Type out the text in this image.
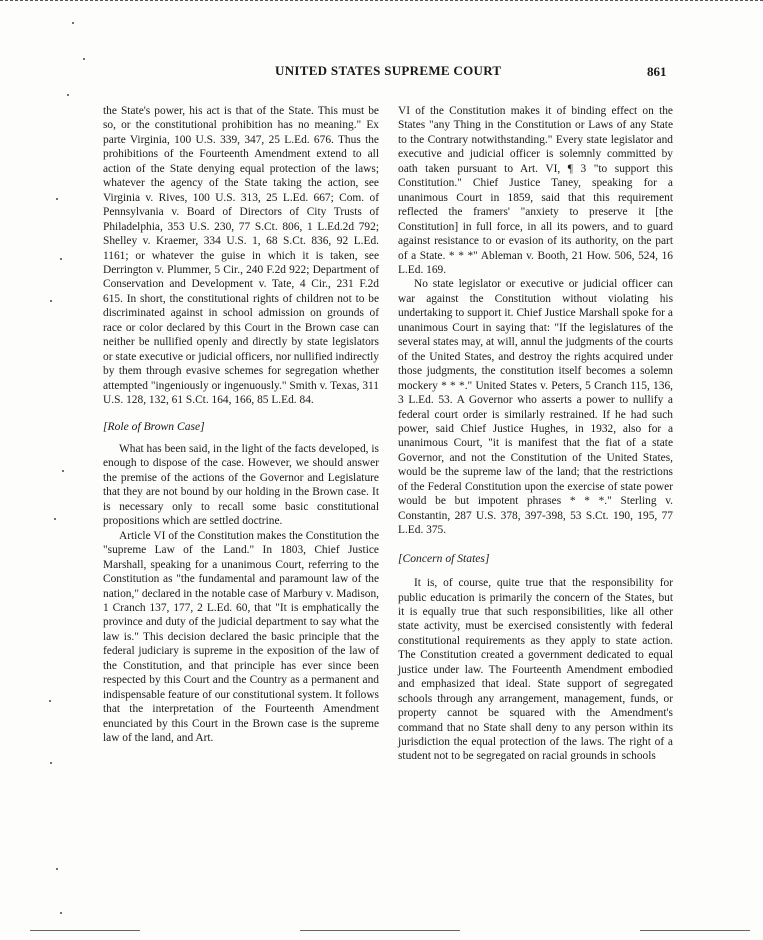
UNITED STATES SUPREME COURT	861

the State's power, his act is that of the State. This must be so, or the constitutional prohibition has no meaning." Ex parte Virginia, 100 U.S. 339, 347, 25 L.Ed. 676. Thus the prohibitions of the Fourteenth Amendment extend to all action of the State denying equal protection of the laws; whatever the agency of the State taking the action, see Virginia v. Rives, 100 U.S. 313, 25 L.Ed. 667; Com. of Pennsylvania v. Board of Directors of City Trusts of Philadelphia, 353 U.S. 230, 77 S.Ct. 806, 1 L.Ed.2d 792; Shelley v. Kraemer, 334 U.S. 1, 68 S.Ct. 836, 92 L.Ed. 1161; or whatever the guise in which it is taken, see Derrington v. Plummer, 5 Cir., 240 F.2d 922; Department of Conservation and Development v. Tate, 4 Cir., 231 F.2d 615. In short, the constitutional rights of children not to be discriminated against in school admission on grounds of race or color declared by this Court in the Brown case can neither be nullified openly and directly by state legislators or state executive or judicial officers, nor nullified indirectly by them through evasive schemes for segregation whether attempted "ingeniously or ingenuously." Smith v. Texas, 311 U.S. 128, 132, 61 S.Ct. 164, 166, 85 L.Ed. 84.

[Role of Brown Case]

What has been said, in the light of the facts developed, is enough to dispose of the case. However, we should answer the premise of the actions of the Governor and Legislature that they are not bound by our holding in the Brown case. It is necessary only to recall some basic constitutional propositions which are settled doctrine.

Article VI of the Constitution makes the Constitution the "supreme Law of the Land." In 1803, Chief Justice Marshall, speaking for a unanimous Court, referring to the Constitution as "the fundamental and paramount law of the nation," declared in the notable case of Marbury v. Madison, 1 Cranch 137, 177, 2 L.Ed. 60, that "It is emphatically the province and duty of the judicial department to say what the law is." This decision declared the basic principle that the federal judiciary is supreme in the exposition of the law of the Constitution, and that principle has ever since been respected by this Court and the Country as a permanent and indispensable feature of our constitutional system. It follows that the interpretation of the Fourteenth Amendment enunciated by this Court in the Brown case is the supreme law of the land, and Art.

VI of the Constitution makes it of binding effect on the States "any Thing in the Constitution or Laws of any State to the Contrary notwithstanding." Every state legislator and executive and judicial officer is solemnly committed by oath taken pursuant to Art. VI, ¶ 3 "to support this Constitution." Chief Justice Taney, speaking for a unanimous Court in 1859, said that this requirement reflected the framers' "anxiety to preserve it [the Constitution] in full force, in all its powers, and to guard against resistance to or evasion of its authority, on the part of a State. * * *" Ableman v. Booth, 21 How. 506, 524, 16 L.Ed. 169.

No state legislator or executive or judicial officer can war against the Constitution without violating his undertaking to support it. Chief Justice Marshall spoke for a unanimous Court in saying that: "If the legislatures of the several states may, at will, annul the judgments of the courts of the United States, and destroy the rights acquired under those judgments, the constitution itself becomes a solemn mockery * * *." United States v. Peters, 5 Cranch 115, 136, 3 L.Ed. 53. A Governor who asserts a power to nullify a federal court order is similarly restrained. If he had such power, said Chief Justice Hughes, in 1932, also for a unanimous Court, "it is manifest that the fiat of a state Governor, and not the Constitution of the United States, would be the supreme law of the land; that the restrictions of the Federal Constitution upon the exercise of state power would be but impotent phrases * * *." Sterling v. Constantin, 287 U.S. 378, 397-398, 53 S.Ct. 190, 195, 77 L.Ed. 375.

[Concern of States]

It is, of course, quite true that the responsibility for public education is primarily the concern of the States, but it is equally true that such responsibilities, like all other state activity, must be exercised consistently with federal constitutional requirements as they apply to state action. The Constitution created a government dedicated to equal justice under law. The Fourteenth Amendment embodied and emphasized that ideal. State support of segregated schools through any arrangement, management, funds, or property cannot be squared with the Amendment's command that no State shall deny to any person within its jurisdiction the equal protection of the laws. The right of a student not to be segregated on racial grounds in schools
